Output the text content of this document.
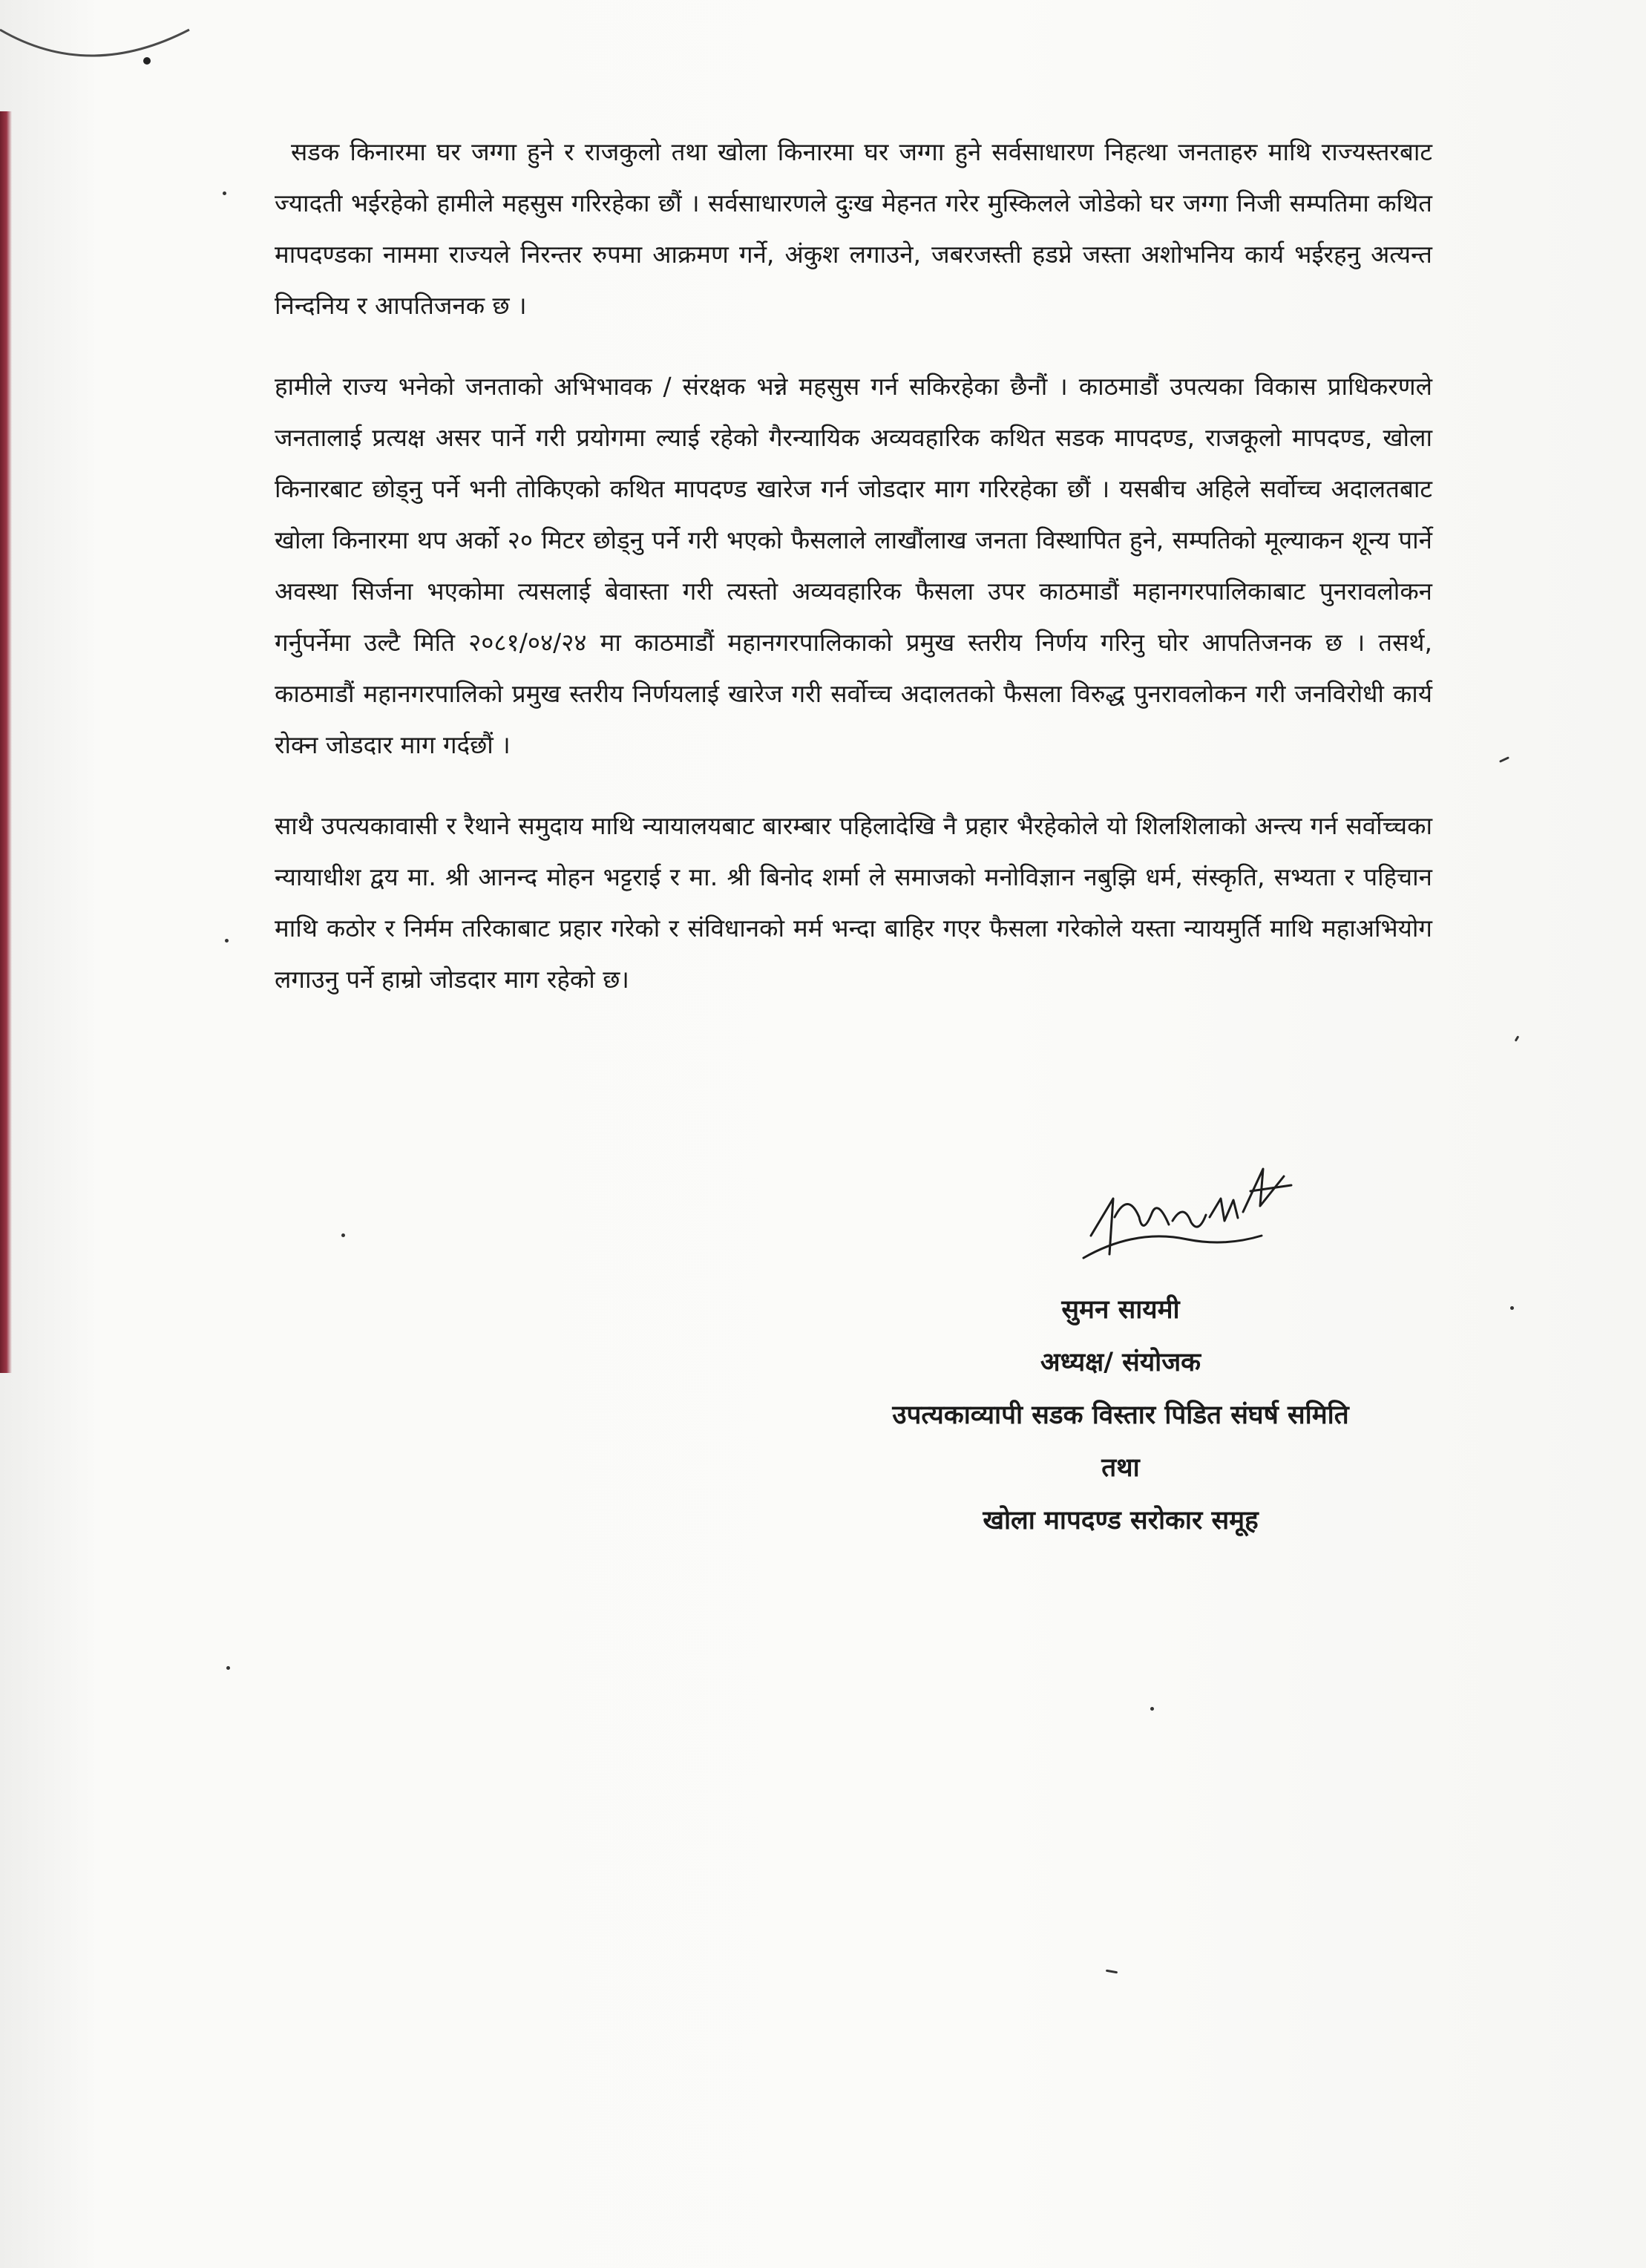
सडक किनारमा घर जग्गा हुने र राजकुलो तथा खोला किनारमा घर जग्गा हुने सर्वसाधारण निहत्था जनताहरु माथि राज्यस्तरबाट ज्यादती भईरहेको हामीले महसुस गरिरहेका छौं । सर्वसाधारणले दुःख मेहनत गरेर मुस्किलले जोडेको घर जग्गा निजी सम्पतिमा कथित मापदण्डका नाममा राज्यले निरन्तर रुपमा आक्रमण गर्ने, अंकुश लगाउने, जबरजस्ती हडप्ने जस्ता अशोभनिय कार्य भईरहनु अत्यन्त निन्दनिय र आपतिजनक छ ।

हामीले राज्य भनेको जनताको अभिभावक / संरक्षक भन्ने महसुस गर्न सकिरहेका छैनौं । काठमाडौं उपत्यका विकास प्राधिकरणले जनतालाई प्रत्यक्ष असर पार्ने गरी प्रयोगमा ल्याई रहेको गैरन्यायिक अव्यवहारिक कथित सडक मापदण्ड, राजकूलो मापदण्ड, खोला किनारबाट छोड्नु पर्ने भनी तोकिएको कथित मापदण्ड खारेज गर्न जोडदार माग गरिरहेका छौं । यसबीच अहिले सर्वोच्च अदालतबाट खोला किनारमा थप अर्को २० मिटर छोड्नु पर्ने गरी भएको फैसलाले लाखौंलाख जनता विस्थापित हुने, सम्पतिको मूल्याकन शून्य पार्ने अवस्था सिर्जना भएकोमा त्यसलाई बेवास्ता गरी त्यस्तो अव्यवहारिक फैसला उपर काठमाडौं महानगरपालिकाबाट पुनरावलोकन गर्नुपर्नेमा उल्टै मिति २०८१/०४/२४ मा काठमाडौं महानगरपालिकाको प्रमुख स्तरीय निर्णय गरिनु घोर आपतिजनक छ । तसर्थ, काठमाडौं महानगरपालिको प्रमुख स्तरीय निर्णयलाई खारेज गरी सर्वोच्च अदालतको फैसला विरुद्ध पुनरावलोकन गरी जनविरोधी कार्य रोक्न जोडदार माग गर्दछौं ।

साथै उपत्यकावासी र रैथाने समुदाय माथि न्यायालयबाट बारम्बार पहिलादेखि नै प्रहार भैरहेकोले यो शिलशिलाको अन्त्य गर्न सर्वोच्चका न्यायाधीश द्वय मा. श्री आनन्द मोहन भट्टराई र मा. श्री बिनोद शर्मा ले समाजको मनोविज्ञान नबुझि धर्म, संस्कृति, सभ्यता र पहिचान माथि कठोर र निर्मम तरिकाबाट प्रहार गरेको र संविधानको मर्म भन्दा बाहिर गएर फैसला गरेकोले यस्ता न्यायमुर्ति माथि महाअभियोग लगाउनु पर्ने हाम्रो जोडदार माग रहेको छ।

सुमन सायमी
अध्यक्ष/ संयोजक
उपत्यकाव्यापी सडक विस्तार पिडित संघर्ष समिति
तथा
खोला मापदण्ड सरोकार समूह
